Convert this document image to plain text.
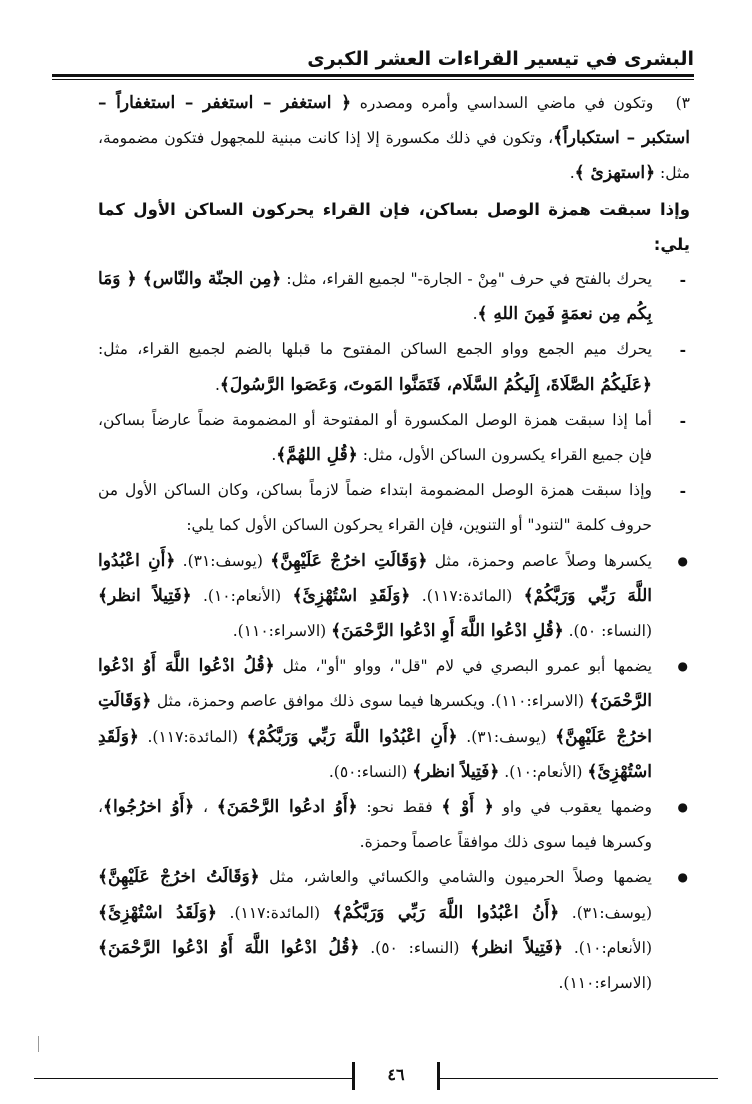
البشرى في تيسير القراءات العشر الكبرى

٣) وتكون في ماضي السداسي وأمره ومصدره ﴿ استغفر – استغفر – استغفاراً – استكبر – استكباراً﴾، وتكون في ذلك مكسورة إلا إذا كانت مبنية للمجهول فتكون مضمومة، مثل: ﴿استهزئ ﴾.

وإذا سبقت همزة الوصل بساكن، فإن القراء يحركون الساكن الأول كما يلي:

- يحرك بالفتح في حرف "مِنْ - الجارة-" لجميع القراء، مثل: ﴿مِن الجنّة والنّاس﴾ ﴿ وَمَا بِكُم مِن نعمَةٍ فَمِنَ اللهِ ﴾.

- يحرك ميم الجمع وواو الجمع الساكن المفتوح ما قبلها بالضم لجميع القراء، مثل: ﴿عَلَيكُمُ الصَّلَاةَ، إِلَيكُمُ السَّلَام، فَتَمَنَّوا المَوتَ، وَعَصَوا الرَّسُولَ﴾.

- أما إذا سبقت همزة الوصل المكسورة أو المفتوحة أو المضمومة ضماً عارضاً بساكن، فإن جميع القراء يكسرون الساكن الأول، مثل: ﴿قُلِ اللهُمَّ﴾.

- وإذا سبقت همزة الوصل المضمومة ابتداء ضماً لازماً بساكن، وكان الساكن الأول من حروف كلمة "لتنود" أو التنوين، فإن القراء يحركون الساكن الأول كما يلي:

● يكسرها وصلاً عاصم وحمزة، مثل ﴿وَقَالَتِ اخرُجْ عَلَيْهِنَّ﴾ (يوسف:٣١). ﴿أَنِ اعْبُدُوا اللَّهَ رَبِّي وَرَبَّكُمْ﴾ (المائدة:١١٧). ﴿وَلَقَدِ اسْتُهْزِئَ﴾ (الأنعام:١٠). ﴿فَتِيلاً انظر﴾ (النساء: ٥٠). ﴿قُلِ ادْعُوا اللَّهَ أَوِ ادْعُوا الرَّحْمَنَ﴾ (الاسراء:١١٠).

● يضمها أبو عمرو البصري في لام "قل"، وواو "أو"، مثل ﴿قُلُ ادْعُوا اللَّهَ أَوُ ادْعُوا الرَّحْمَنَ﴾ (الاسراء:١١٠). ويكسرها فيما سوى ذلك موافق عاصم وحمزة، مثل ﴿وَقَالَتِ اخرُجْ عَلَيْهِنَّ﴾ (يوسف:٣١). ﴿أَنِ اعْبُدُوا اللَّهَ رَبِّي وَرَبَّكُمْ﴾ (المائدة:١١٧). ﴿وَلَقَدِ اسْتُهْزِئَ﴾ (الأنعام:١٠). ﴿فَتِيلاً انظر﴾ (النساء:٥٠).

● وضمها يعقوب في واو ﴿ أَوْ ﴾ فقط نحو: ﴿أَوُ ادعُوا الرَّحْمَنَ﴾ ، ﴿أَوُ اخرُجُوا﴾، وكسرها فيما سوى ذلك موافقاً عاصماً وحمزة.

● يضمها وصلاً الحرميون والشامي والكسائي والعاشر، مثل ﴿وَقَالَتُ اخرُجْ عَلَيْهِنَّ﴾ (يوسف:٣١). ﴿أَنُ اعْبُدُوا اللَّهَ رَبِّي وَرَبَّكُمْ﴾ (المائدة:١١٧). ﴿وَلَقَدُ اسْتُهْزِئَ﴾ (الأنعام:١٠). ﴿فَتِيلاً انظر﴾ (النساء: ٥٠). ﴿قُلُ ادْعُوا اللَّهَ أَوُ ادْعُوا الرَّحْمَنَ﴾ (الاسراء:١١٠).

٤٦
